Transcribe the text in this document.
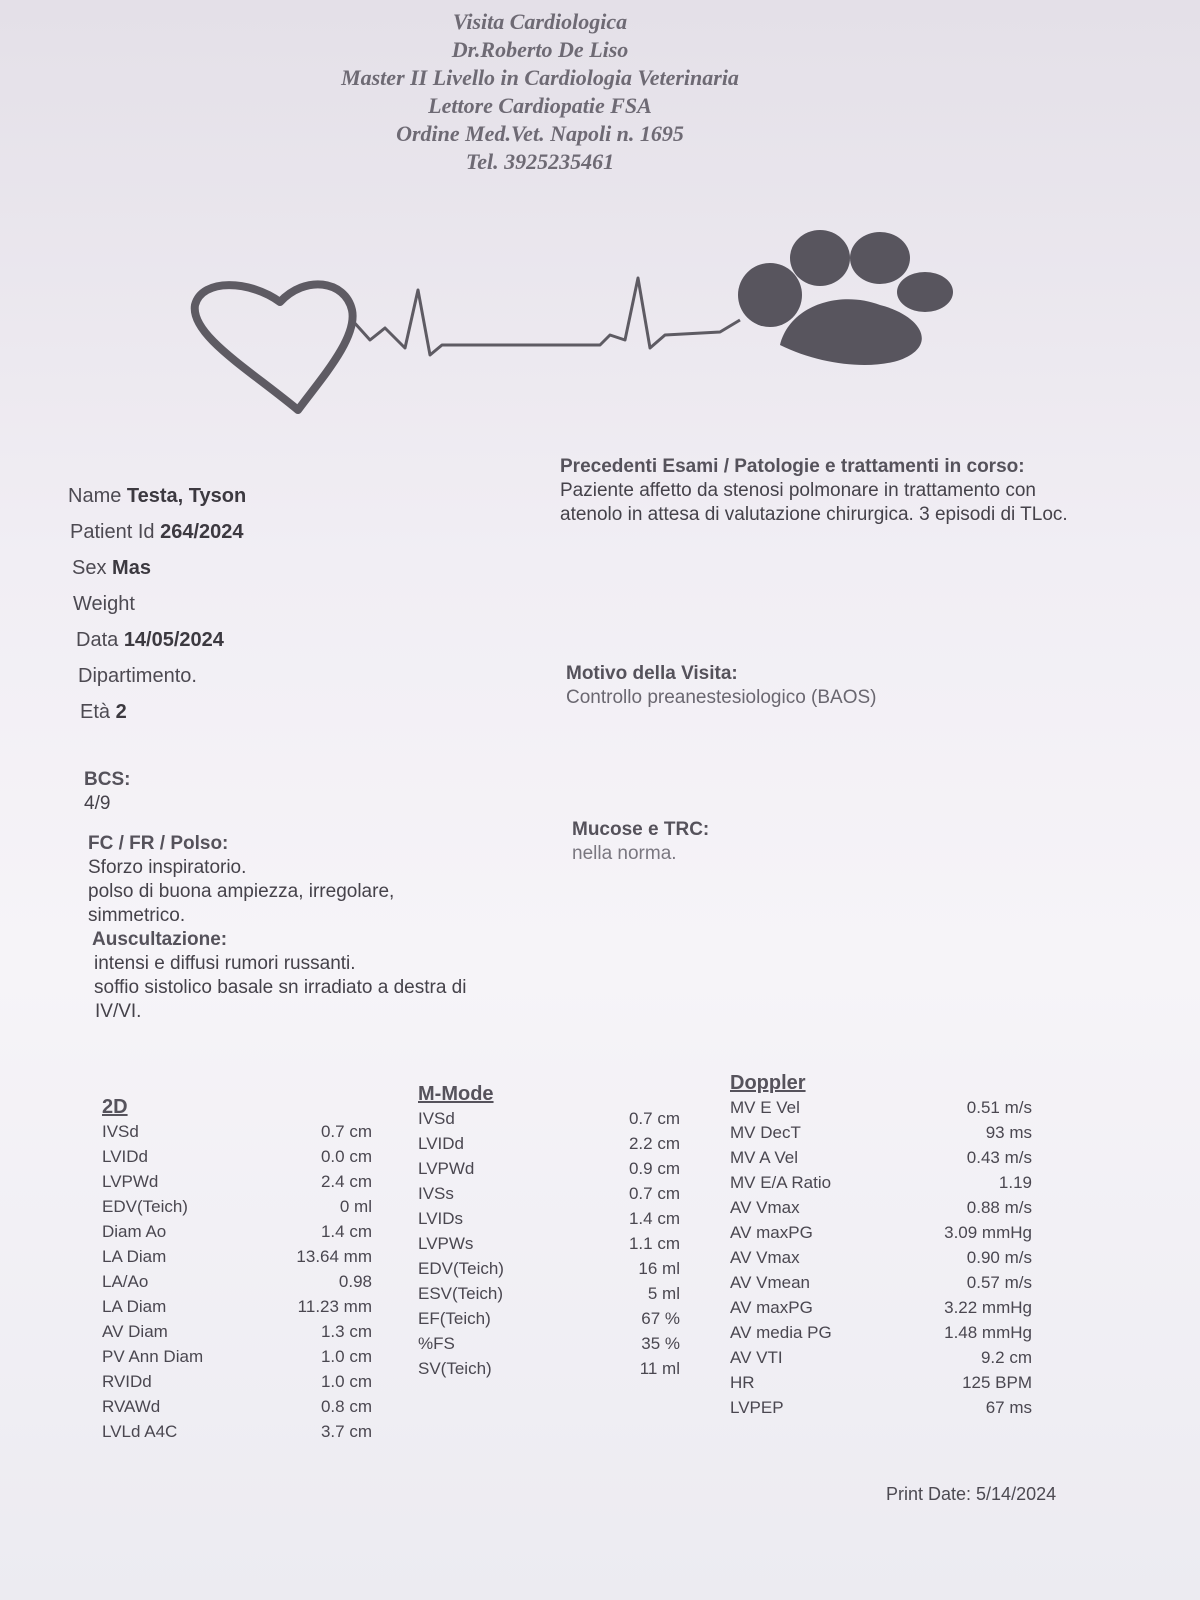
Visita Cardiologica
Dr.Roberto De Liso
Master II Livello in Cardiologia Veterinaria
Lettore Cardiopatie FSA
Ordine Med.Vet. Napoli n. 1695
Tel. 3925235461
Name Testa, Tyson
Patient Id 264/2024
Sex Mas
Weight
Data 14/05/2024
Dipartimento.
Età 2
Precedenti Esami / Patologie e trattamenti in corso:
Paziente affetto da stenosi polmonare in trattamento con atenolo in attesa di valutazione chirurgica. 3 episodi di TLoc.
Motivo della Visita:
Controllo preanestesiologico (BAOS)
BCS:
4/9
Mucose e TRC:
nella norma.
FC / FR / Polso:
Sforzo inspiratorio.
polso di buona ampiezza, irregolare,
simmetrico.
Auscultazione:
intensi e diffusi rumori russanti.
soffio sistolico basale sn irradiato a destra di
IV/VI.
2D
IVSd	0.7 cm
LVIDd	0.0 cm
LVPWd	2.4 cm
EDV(Teich)	0 ml
Diam Ao	1.4 cm
LA Diam	13.64 mm
LA/Ao	0.98
LA Diam	11.23 mm
AV Diam	1.3 cm
PV Ann Diam	1.0 cm
RVIDd	1.0 cm
RVAWd	0.8 cm
LVLd A4C	3.7 cm
M-Mode
IVSd	0.7 cm
LVIDd	2.2 cm
LVPWd	0.9 cm
IVSs	0.7 cm
LVIDs	1.4 cm
LVPWs	1.1 cm
EDV(Teich)	16 ml
ESV(Teich)	5 ml
EF(Teich)	67 %
%FS	35 %
SV(Teich)	11 ml
Doppler
MV E Vel	0.51 m/s
MV DecT	93 ms
MV A Vel	0.43 m/s
MV E/A Ratio	1.19
AV Vmax	0.88 m/s
AV maxPG	3.09 mmHg
AV Vmax	0.90 m/s
AV Vmean	0.57 m/s
AV maxPG	3.22 mmHg
AV media PG	1.48 mmHg
AV VTI	9.2 cm
HR	125 BPM
LVPEP	67 ms
Print Date: 5/14/2024
